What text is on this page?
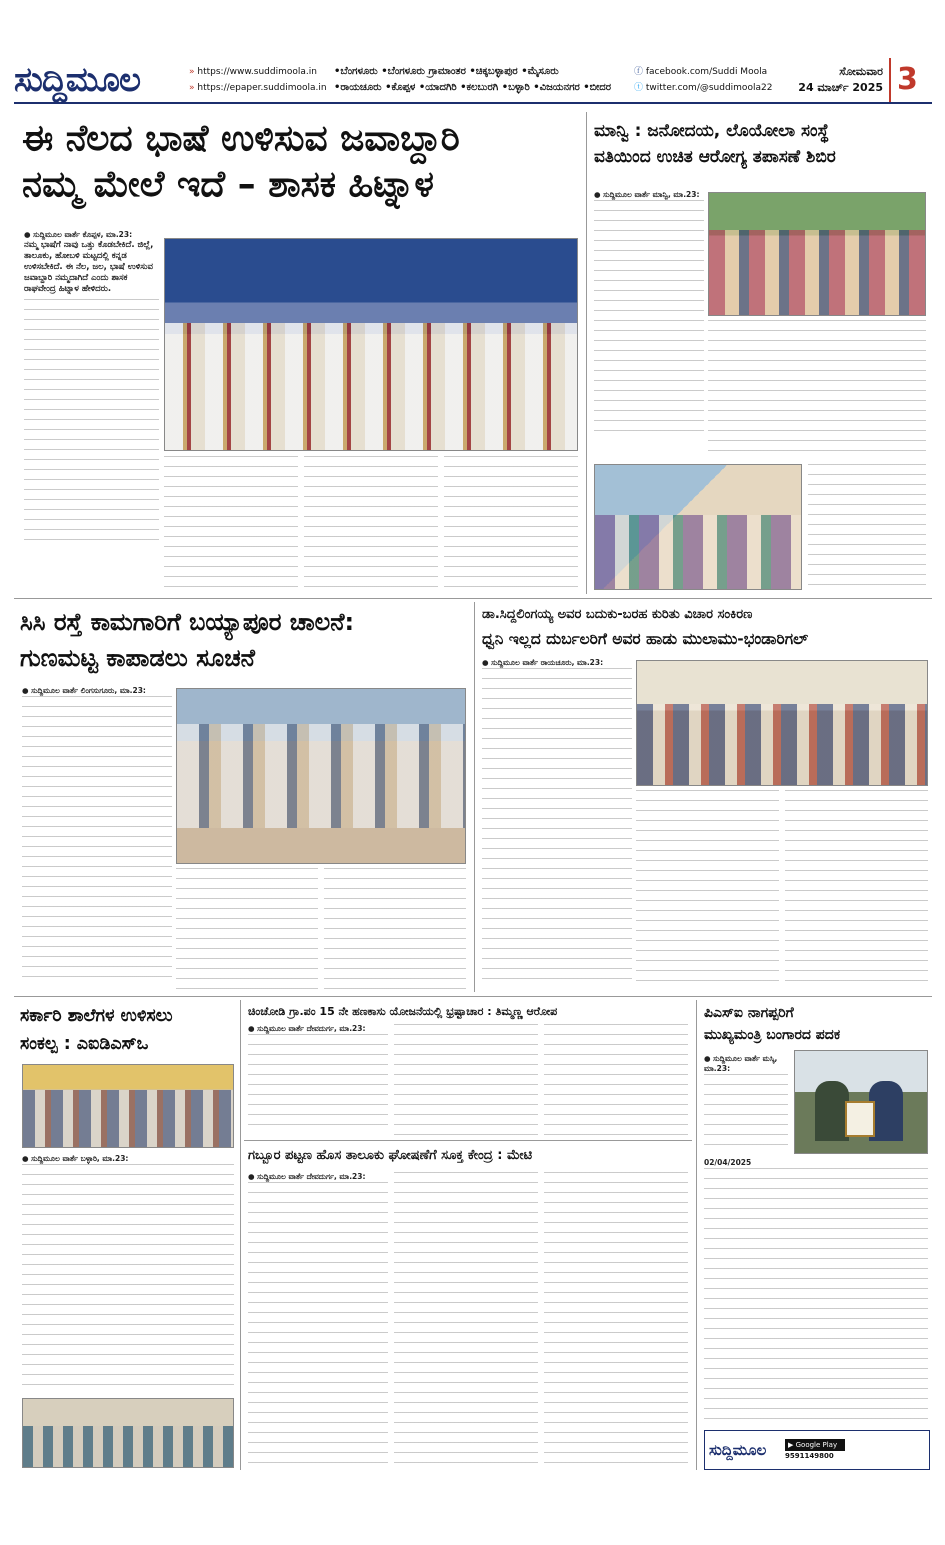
ಸುದ್ದಿಮೂಲ
»	https://www.suddimoola.in
» https://epaper.suddimoola.in
•ಬೆಂಗಳೂರು •ಬೆಂಗಳೂರು ಗ್ರಾಮಾಂತರ •ಚಿಕ್ಕಬಳ್ಳಾಪುರ •ಮೈಸೂರು
•ರಾಯಚೂರು •ಕೊಪ್ಪಳ •ಯಾದಗಿರಿ •ಕಲಬುರಗಿ •ಬಳ್ಳಾರಿ •ವಿಜಯನಗರ •ಬೀದರ
ⓕ facebook.com/Suddi Moola
ⓣ twitter.com/@suddimoola22
ಸೋಮವಾರ
24 ಮಾರ್ಚ್ 2025 3
ಈ ನೆಲದ ಭಾಷೆ ಉಳಿಸುವ ಜವಾಬ್ದಾರಿ
ನಮ್ಮ ಮೇಲೆ ಇದೆ – ಶಾಸಕ ಹಿಟ್ನಾಳ
● ಸುದ್ದಿಮೂಲ ವಾರ್ತೆ ಕೊಪ್ಪಳ, ಮಾ.23:
ನಮ್ಮ ಭಾಷೆಗೆ ನಾವು ಒತ್ತು ಕೊಡಬೇಕಿದೆ. ಜಿಲ್ಲೆ, ತಾಲೂಕು, ಹೋಬಳಿ ಮಟ್ಟದಲ್ಲಿ ಕನ್ನಡ ಉಳಿಸಬೇಕಿದೆ. ಈ ನೆಲ, ಜಲ, ಭಾಷೆ ಉಳಿಸುವ ಜವಾಬ್ದಾರಿ ನಮ್ಮದಾಗಿದೆ ಎಂದು ಶಾಸಕ ರಾಘವೇಂದ್ರ ಹಿಟ್ನಾಳ ಹೇಳಿದರು.
ಮಾನ್ವಿ : ಜನೋದಯ, ಲೊಯೋಲಾ ಸಂಸ್ಥೆ
ವತಿಯಿಂದ ಉಚಿತ ಆರೋಗ್ಯ ತಪಾಸಣೆ ಶಿಬಿರ
● ಸುದ್ದಿಮೂಲ ವಾರ್ತೆ ಮಾನ್ವಿ, ಮಾ.23:
ಸಿಸಿ ರಸ್ತೆ ಕಾಮಗಾರಿಗೆ ಬಯ್ಯಾಪೂರ ಚಾಲನೆ:
ಗುಣಮಟ್ಟ ಕಾಪಾಡಲು ಸೂಚನೆ
● ಸುದ್ದಿಮೂಲ ವಾರ್ತೆ ಲಿಂಗಸುಗೂರು, ಮಾ.23:
ಡಾ.ಸಿದ್ದಲಿಂಗಯ್ಯ ಅವರ ಬದುಕು-ಬರಹ ಕುರಿತು ವಿಚಾರ ಸಂಕಿರಣ
ಧ್ವನಿ ಇಲ್ಲದ ದುರ್ಬಲರಿಗೆ ಅವರ ಹಾಡು ಮುಲಾಮು-ಭಂಡಾರಿಗಲ್
● ಸುದ್ದಿಮೂಲ ವಾರ್ತೆ ರಾಯಚೂರು, ಮಾ.23:
ಸರ್ಕಾರಿ ಶಾಲೆಗಳ ಉಳಿಸಲು
ಸಂಕಲ್ಪ : ಎಐಡಿಎಸ್‌ಒ
● ಸುದ್ದಿಮೂಲ ವಾರ್ತೆ ಬಳ್ಳಾರಿ, ಮಾ.23:
ಚಿಂಚೋಡಿ ಗ್ರಾ.ಪಂ 15 ನೇ ಹಣಕಾಸು ಯೋಜನೆಯಲ್ಲಿ ಭ್ರಷ್ಟಾಚಾರ : ತಿಮ್ಮಣ್ಣ ಆರೋಪ
● ಸುದ್ದಿಮೂಲ ವಾರ್ತೆ ದೇವದುರ್ಗ, ಮಾ.23:
ಗಬ್ಬೂರ ಪಟ್ಟಣ ಹೊಸ ತಾಲೂಕು ಘೋಷಣೆಗೆ ಸೂಕ್ತ ಕೇಂದ್ರ : ಮೇಟಿ
● ಸುದ್ದಿಮೂಲ ವಾರ್ತೆ ದೇವದುರ್ಗ, ಮಾ.23:
ಪಿಎಸ್‌ಐ ನಾಗಪ್ಪರಿಗೆ
ಮುಖ್ಯಮಂತ್ರಿ ಬಂಗಾರದ ಪದಕ
● ಸುದ್ದಿಮೂಲ ವಾರ್ತೆ ಮಸ್ಕಿ, ಮಾ.23:
02/04/2025
ಸುದ್ದಿಮೂಲ	▶ Google Play
9591149800
